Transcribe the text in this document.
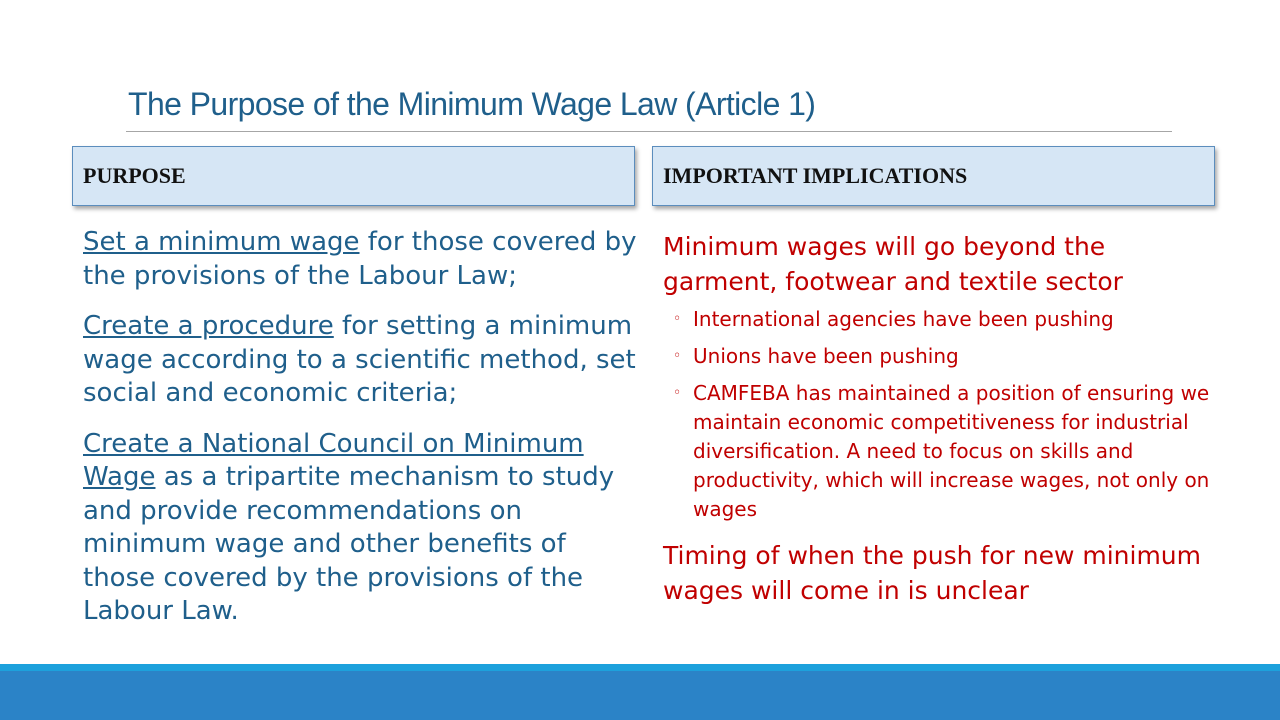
The Purpose of the Minimum Wage Law (Article 1)
PURPOSE	IMPORTANT IMPLICATIONS

Set a minimum wage for those covered by the provisions of the Labour Law;

Create a procedure for setting a minimum wage according to a scientific method, set social and economic criteria;

Create a National Council on Minimum Wage as a tripartite mechanism to study and provide recommendations on minimum wage and other benefits of those covered by the provisions of the Labour Law.

Minimum wages will go beyond the garment, footwear and textile sector

◦ International agencies have been pushing
◦ Unions have been pushing
◦ CAMFEBA has maintained a position of ensuring we maintain economic competitiveness for industrial diversification. A need to focus on skills and productivity, which will increase wages, not only on wages

Timing of when the push for new minimum wages will come in is unclear
